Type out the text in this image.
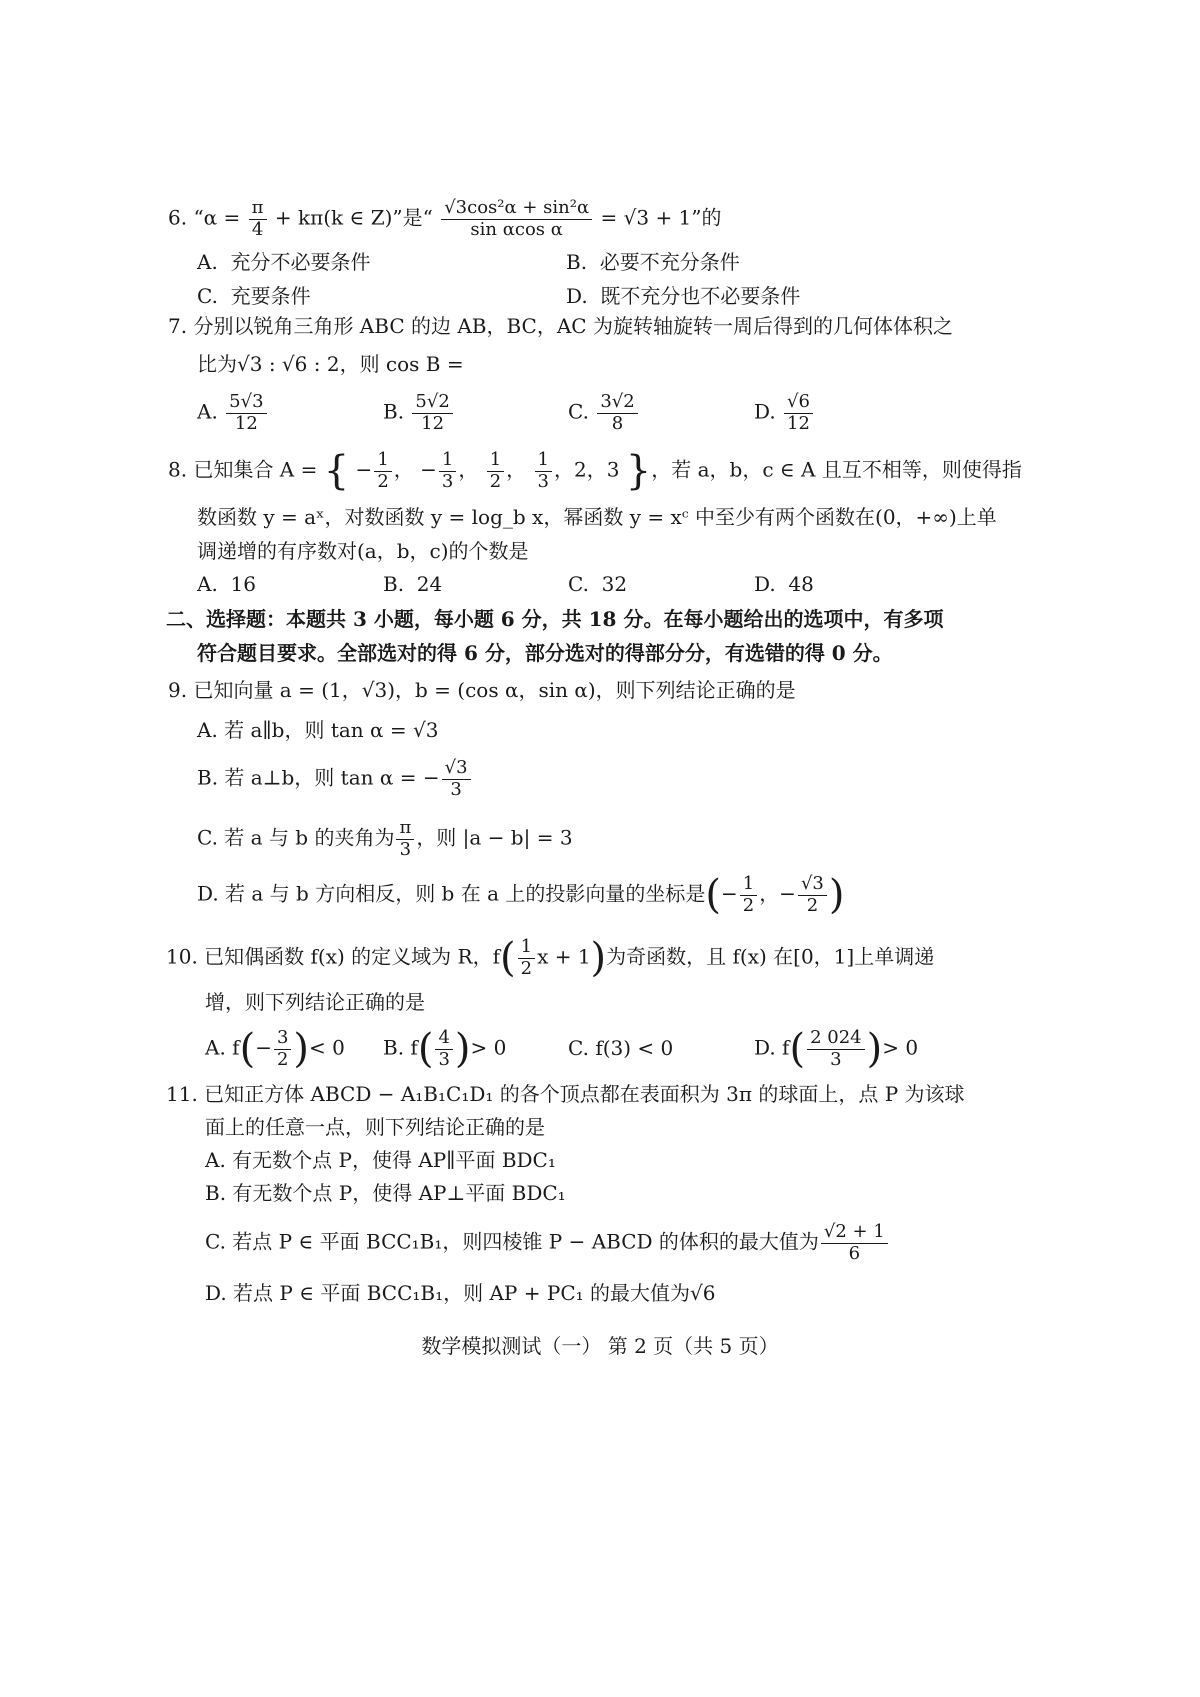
6. “$\alpha = \frac{\pi}{4} + k\pi(k$ ∈ Z)”是“ $\frac{\text{√3cos²α + sin²α}}{\text{sin αcos α}} = √3 + 1$”的
A. 充分不必要条件	B. 必要不充分条件
C. 充要条件	D. 既不充分也不必要条件
7. 分别以锐角三角形 ABC 的边 AB，BC，AC 为旋转轴旋转一周后得到的几何体体积之
比为√3 : √6 : 2，则 cos B =
A. $\frac{5√3}{12}$	B. $\frac{5√2}{12}$	C. $\frac{3√2}{8}$	D. $\frac{√6}{12}$
8. 已知集合 A = { − $\frac{1}{2}$ ， − $\frac{1}{3}$ ， $\frac{1}{2}$ ， $\frac{1}{3}$ ，2，3 }，若 a，b，c ∈ A 且互不相等，则使得指
数函数 y = aˣ，对数函数 y = log_b x，幂函数 y = xᶜ 中至少有两个函数在(0，+∞)上单
调递增的有序数对(a，b，c)的个数是
A. 16	B. 24	C. 32	D. 48
二、选择题：本题共 3 小题，每小题 6 分，共 18 分。在每小题给出的选项中，有多项
符合题目要求。全部选对的得 6 分，部分选对的得部分分，有选错的得 0 分。
9. 已知向量 a = (1，√3)，b = (cos α，sin α)，则下列结论正确的是
A. 若 a∥b，则 tan α = √3
B. 若 a⊥b，则 tan α = − $\frac{√3}{3}$
C. 若 a 与 b 的夹角为 $\frac{\pi}{3}$ ，则 |a − b| = 3
D. 若 a 与 b 方向相反，则 b 在 a 上的投影向量的坐标是(− $\frac{1}{2}$ ，− $\frac{√3}{2}$ )
10. 已知偶函数 f(x) 的定义域为 R，$f( \frac{1}{2}$ x + 1)为奇函数，且 f(x) 在[0，1]上单调递
增，则下列结论正确的是
A. $f(- \frac{3}{2}$ )< 0 B. $f( \frac{4}{3}$ )> 0	C. f(3) < 0	D. $f( \frac{2 024}{3}$ )> 0
11. 已知正方体 ABCD − A₁B₁C₁D₁ 的各个顶点都在表面积为 3π 的球面上，点 P 为该球
面上的任意一点，则下列结论正确的是
A. 有无数个点 P，使得 AP∥平面 BDC₁
B. 有无数个点 P，使得 AP⊥平面 BDC₁
C. 若点 P ∈ 平面 BCC₁B₁，则四棱锥 P − ABCD 的体积的最大值为 $\frac{√2 + 1}{6}$
D. 若点 P ∈ 平面 BCC₁B₁，则 AP + PC₁ 的最大值为√6
数学模拟测试（一） 第 2 页（共 5 页）
